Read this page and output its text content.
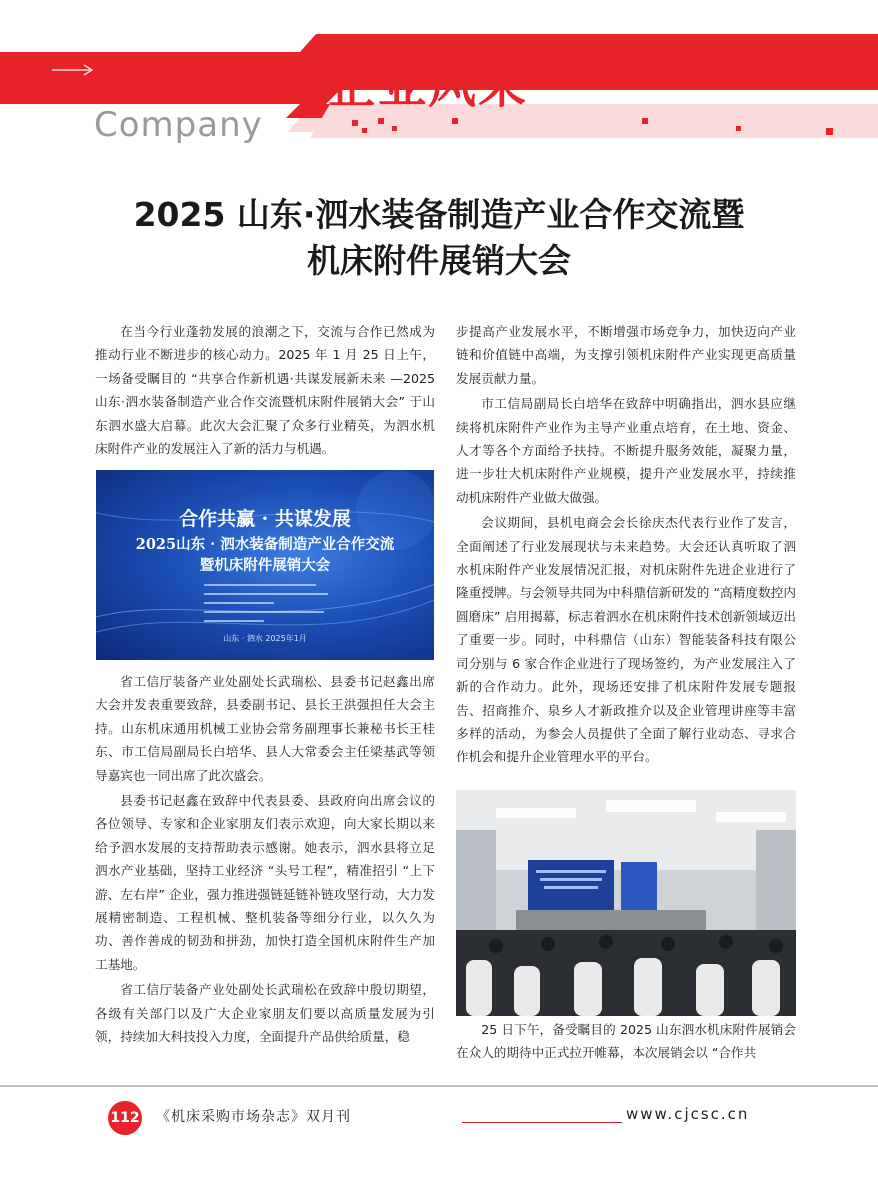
企业风采
Company
2025 山东·泗水装备制造产业合作交流暨
机床附件展销大会

在当今行业蓬勃发展的浪潮之下，交流与合作已然成为推动行业不断进步的核心动力。2025 年 1 月 25 日上午，一场备受瞩目的 “共享合作新机遇·共谋发展新未来 —2025 山东·泗水装备制造产业合作交流暨机床附件展销大会” 于山东泗水盛大启幕。此次大会汇聚了众多行业精英，为泗水机床附件产业的发展注入了新的活力与机遇。

省工信厅装备产业处副处长武瑞松、县委书记赵鑫出席大会并发表重要致辞，县委副书记、县长王洪强担任大会主持。山东机床通用机械工业协会常务副理事长兼秘书长王桂东、市工信局副局长白培华、县人大常委会主任梁基武等领导嘉宾也一同出席了此次盛会。

县委书记赵鑫在致辞中代表县委、县政府向出席会议的各位领导、专家和企业家朋友们表示欢迎，向大家长期以来给予泗水发展的支持帮助表示感谢。她表示，泗水县将立足泗水产业基础，坚持工业经济 “头号工程”，精准招引 “上下游、左右岸” 企业，强力推进强链延链补链攻坚行动，大力发展精密制造、工程机械、整机装备等细分行业，以久久为功、善作善成的韧劲和拼劲，加快打造全国机床附件生产加工基地。

省工信厅装备产业处副处长武瑞松在致辞中殷切期望，各级有关部门以及广大企业家朋友们要以高质量发展为引领，持续加大科技投入力度，全面提升产品供给质量，稳

合作共赢 · 共谋发展
2025山东 · 泗水装备制造产业合作交流
暨机床附件展销大会
山东 · 泗水 2025年1月

步提高产业发展水平，不断增强市场竞争力，加快迈向产业链和价值链中高端，为支撑引领机床附件产业实现更高质量发展贡献力量。

市工信局副局长白培华在致辞中明确指出，泗水县应继续将机床附件产业作为主导产业重点培育，在土地、资金、人才等各个方面给予扶持。不断提升服务效能，凝聚力量，进一步壮大机床附件产业规模，提升产业发展水平，持续推动机床附件产业做大做强。

会议期间，县机电商会会长徐庆杰代表行业作了发言，全面阐述了行业发展现状与未来趋势。大会还认真听取了泗水机床附件产业发展情况汇报，对机床附件先进企业进行了隆重授牌。与会领导共同为中科鼎信新研发的 “高精度数控内圆磨床” 启用揭幕，标志着泗水在机床附件技术创新领域迈出了重要一步。同时，中科鼎信（山东）智能装备科技有限公司分别与 6 家合作企业进行了现场签约，为产业发展注入了新的合作动力。此外，现场还安排了机床附件发展专题报告、招商推介、泉乡人才新政推介以及企业管理讲座等丰富多样的活动，为参会人员提供了全面了解行业动态、寻求合作机会和提升企业管理水平的平台。

25 日下午，备受瞩目的 2025 山东泗水机床附件展销会在众人的期待中正式拉开帷幕，本次展销会以 “合作共

112 《机床采购市场杂志》双月刊	www.cjcsc.cn
